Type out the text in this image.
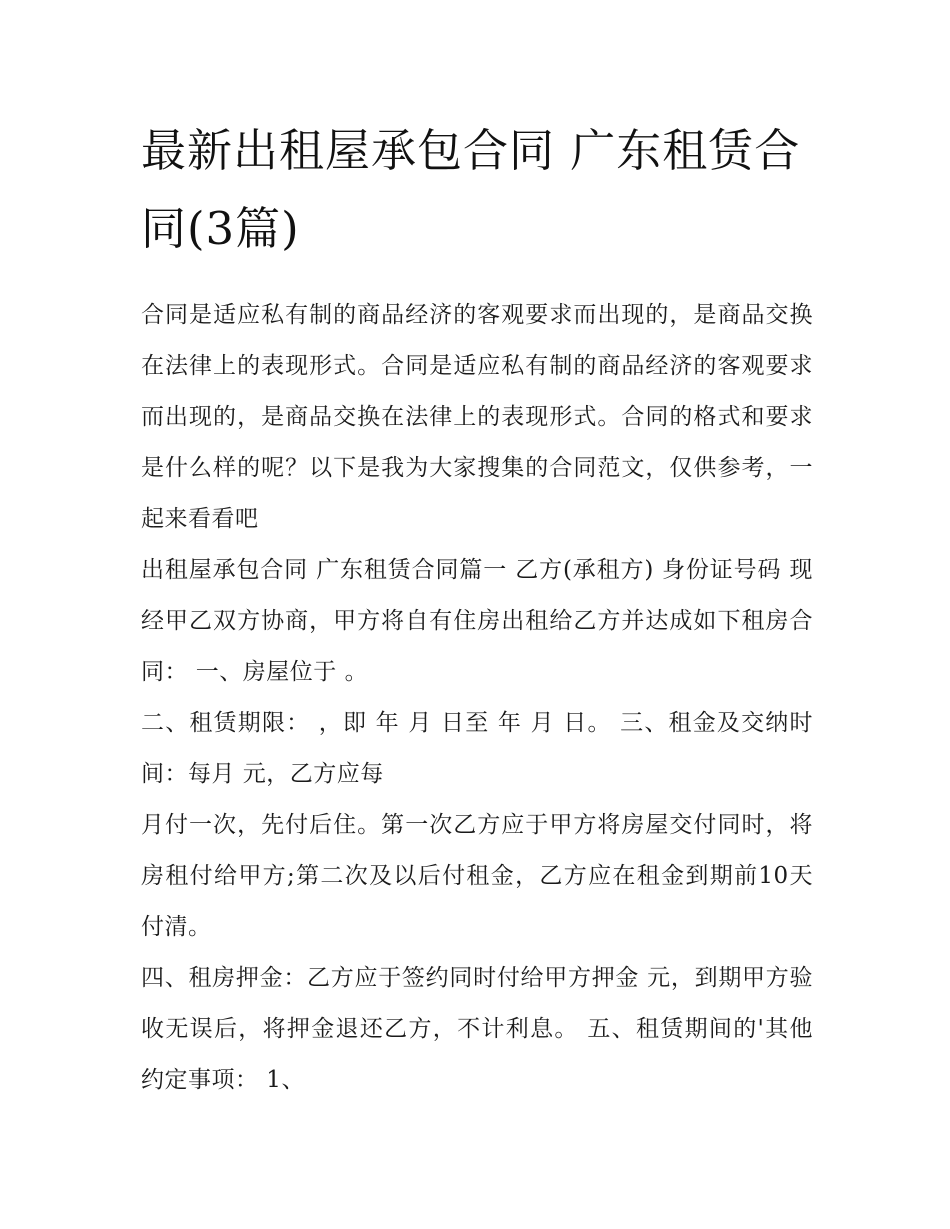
最新出租屋承包合同 广东租赁合同(3篇)

合同是适应私有制的商品经济的客观要求而出现的，是商品交换在法律上的表现形式。合同是适应私有制的商品经济的客观要求而出现的，是商品交换在法律上的表现形式。合同的格式和要求是什么样的呢？以下是我为大家搜集的合同范文，仅供参考，一起来看看吧

出租屋承包合同 广东租赁合同篇一 乙方(承租方) 身份证号码 现经甲乙双方协商，甲方将自有住房出租给乙方并达成如下租房合同： 一、房屋位于 。

二、租赁期限： ，即 年 月 日至 年 月 日。 三、租金及交纳时间：每月 元，乙方应每

月付一次，先付后住。第一次乙方应于甲方将房屋交付同时，将房租付给甲方;第二次及以后付租金，乙方应在租金到期前10天付清。

四、租房押金：乙方应于签约同时付给甲方押金 元，到期甲方验收无误后，将押金退还乙方，不计利息。 五、租赁期间的'其他约定事项： 1、
